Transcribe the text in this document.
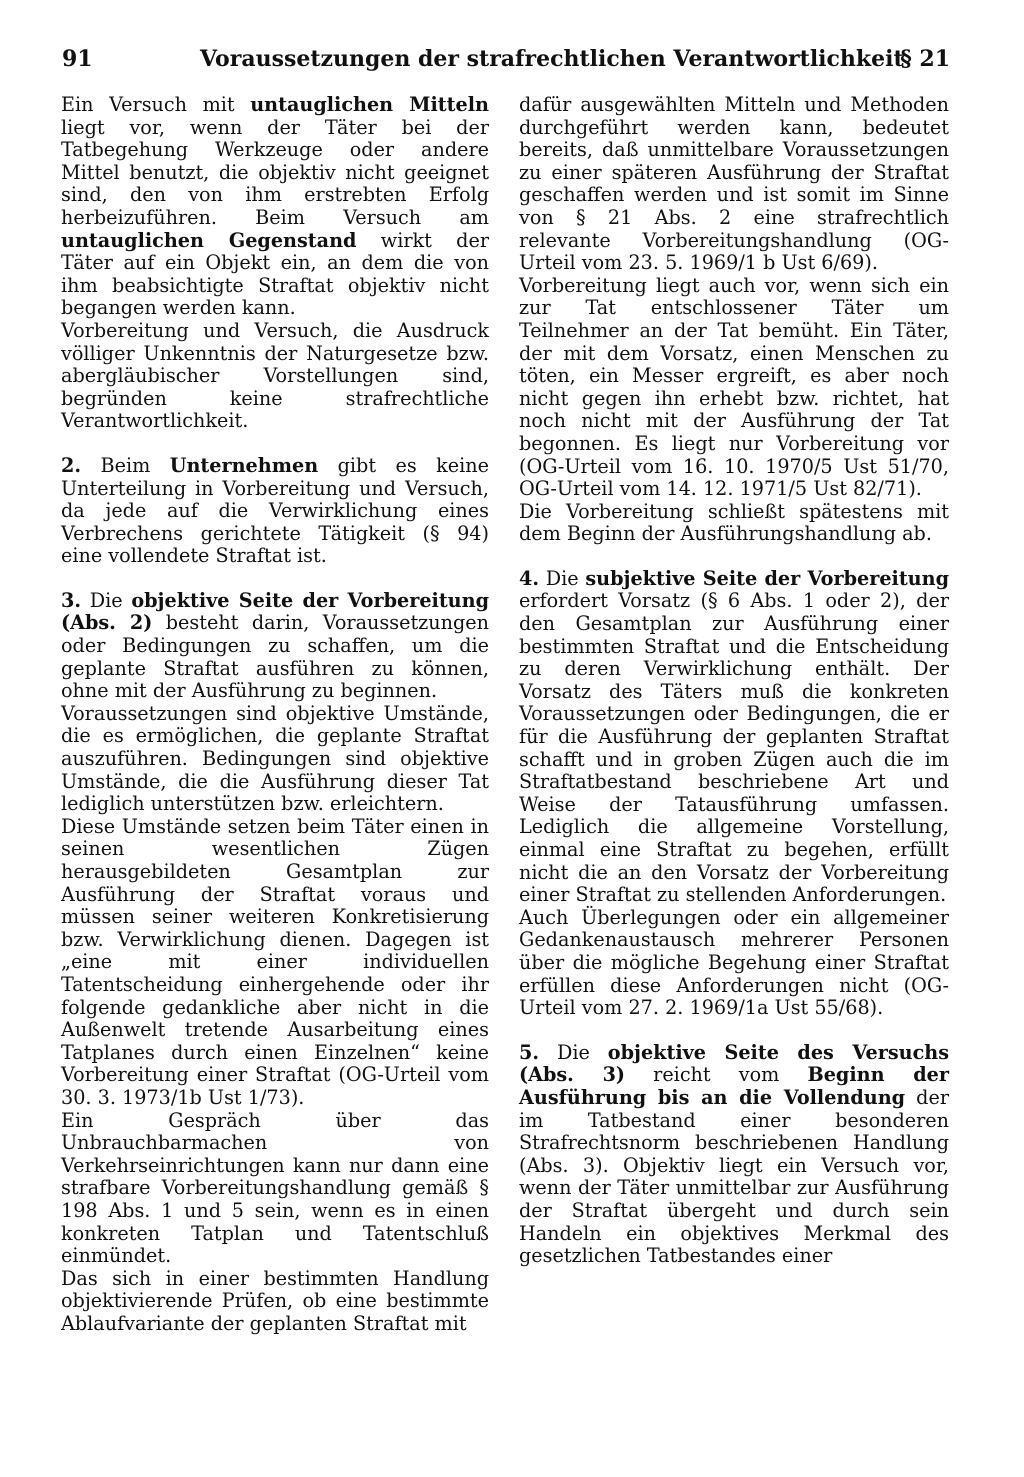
91	Voraussetzungen der strafrechtlichen Verantwortlichkeit
§ 21

Ein Versuch mit untauglichen Mitteln liegt vor, wenn der Täter bei der Tatbegehung Werkzeuge oder andere Mittel benutzt, die objektiv nicht geeignet sind, den von ihm erstrebten Erfolg herbeizuführen. Beim Versuch am untauglichen Gegenstand wirkt der Täter auf ein Objekt ein, an dem die von ihm beabsichtigte Straftat objektiv nicht begangen werden kann.

Vorbereitung und Versuch, die Ausdruck völliger Unkenntnis der Naturgesetze bzw. abergläubischer Vorstellungen sind, begründen keine strafrechtliche Verantwortlichkeit.

2. Beim Unternehmen gibt es keine Unterteilung in Vorbereitung und Versuch, da jede auf die Verwirklichung eines Verbrechens gerichtete Tätigkeit (§ 94) eine vollendete Straftat ist.

3. Die objektive Seite der Vorbereitung (Abs. 2) besteht darin, Voraussetzungen oder Bedingungen zu schaffen, um die geplante Straftat ausführen zu können, ohne mit der Ausführung zu beginnen.

Voraussetzungen sind objektive Umstände, die es ermöglichen, die geplante Straftat auszuführen. Bedingungen sind objektive Umstände, die die Ausführung dieser Tat lediglich unterstützen bzw. erleichtern.

Diese Umstände setzen beim Täter einen in seinen wesentlichen Zügen herausgebildeten Gesamtplan zur Ausführung der Straftat voraus und müssen seiner weiteren Konkretisierung bzw. Verwirklichung dienen. Dagegen ist „eine mit einer individuellen Tatentscheidung einhergehende oder ihr folgende gedankliche aber nicht in die Außenwelt tretende Ausarbeitung eines Tatplanes durch einen Einzelnen“ keine Vorbereitung einer Straftat (OG-Urteil vom 30. 3. 1973/1b Ust 1/73).

Ein Gespräch über das Unbrauchbarmachen von Verkehrseinrichtungen kann nur dann eine strafbare Vorbereitungshandlung gemäß § 198 Abs. 1 und 5 sein, wenn es in einen konkreten Tatplan und Tatentschluß einmündet.

Das sich in einer bestimmten Handlung objektivierende Prüfen, ob eine bestimmte Ablaufvariante der geplanten Straftat mit

dafür ausgewählten Mitteln und Methoden durchgeführt werden kann, bedeutet bereits, daß unmittelbare Voraussetzungen zu einer späteren Ausführung der Straftat geschaffen werden und ist somit im Sinne von § 21 Abs. 2 eine strafrechtlich relevante Vorbereitungshandlung (OG-Urteil vom 23. 5. 1969/1 b Ust 6/69).

Vorbereitung liegt auch vor, wenn sich ein zur Tat entschlossener Täter um Teilnehmer an der Tat bemüht. Ein Täter, der mit dem Vorsatz, einen Menschen zu töten, ein Messer ergreift, es aber noch nicht gegen ihn erhebt bzw. richtet, hat noch nicht mit der Ausführung der Tat begonnen. Es liegt nur Vorbereitung vor (OG-Urteil vom 16. 10. 1970/5 Ust 51/70, OG-Urteil vom 14. 12. 1971/5 Ust 82/71).

Die Vorbereitung schließt spätestens mit dem Beginn der Ausführungshandlung ab.

4. Die subjektive Seite der Vorbereitung erfordert Vorsatz (§ 6 Abs. 1 oder 2), der den Gesamtplan zur Ausführung einer bestimmten Straftat und die Entscheidung zu deren Verwirklichung enthält. Der Vorsatz des Täters muß die konkreten Voraussetzungen oder Bedingungen, die er für die Ausführung der geplanten Straftat schafft und in groben Zügen auch die im Straftatbestand beschriebene Art und Weise der Tatausführung umfassen. Lediglich die allgemeine Vorstellung, einmal eine Straftat zu begehen, erfüllt nicht die an den Vorsatz der Vorbereitung einer Straftat zu stellenden Anforderungen.

Auch Überlegungen oder ein allgemeiner Gedankenaustausch mehrerer Personen über die mögliche Begehung einer Straftat erfüllen diese Anforderungen nicht (OG-Urteil vom 27. 2. 1969/1a Ust 55/68).

5. Die objektive Seite des Versuchs (Abs. 3) reicht vom Beginn der Ausführung bis an die Vollendung der im Tatbestand einer besonderen Strafrechtsnorm beschriebenen Handlung (Abs. 3). Objektiv liegt ein Versuch vor, wenn der Täter unmittelbar zur Ausführung der Straftat übergeht und durch sein Handeln ein objektives Merkmal des gesetzlichen Tatbestandes einer
